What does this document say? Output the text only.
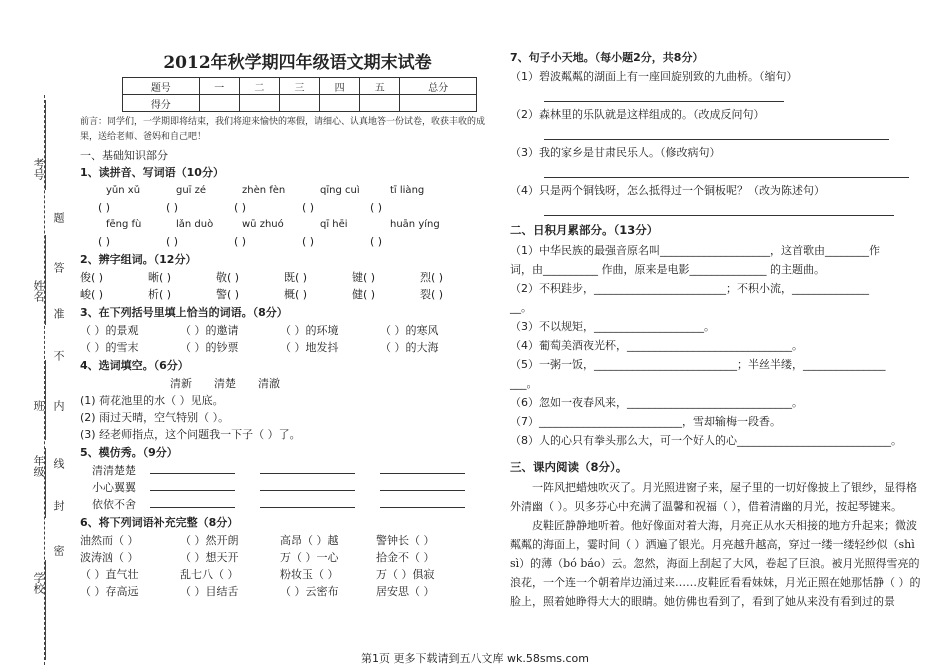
考号
题
姓名
答
准
不
班 内
年级 线
封
密
学校
2012年秋学期四年级语文期末试卷
题号	一	二	三	四	五	总分
得分						
前言：同学们，一学期即将结束，我们将迎来愉快的寒假，请细心、认真地答一份试卷，收获丰收的成果，送给老师、爸妈和自己吧！
一、基础知识部分
1、读拼音、写词语（10分）
yǔn xǔ	guī zé	zhèn fèn	qīng cuì	tī liàng
( )	( )	( )	( )	( )
fēng fù	lǎn duò	wū zhuó	qī hēi	huān yíng
( )	( )	( )	( )	( )
2、辨字组词。（12分）
俊( )	晰( )	敬( )	既( )	键( )	烈( )
峻( )	析( )	警( )	概( )	健( )	裂( )
3、在下列括号里填上恰当的词语。（8分）
（ ）的景观	（ ）的邀请	（ ）的环境	（ ）的寒风
（ ）的雪末	（ ）的钞票	（ ）地发抖	（ ）的大海
4、选词填空。（6分）
清新　　清楚　　清澈
(1) 荷花池里的水（ ）见底。
(2) 雨过天晴，空气特别（ ）。
(3) 经老师指点，这个问题我一下子（ ）了。
5、模仿秀。（9分）
清清楚楚
小心翼翼
依依不舍
6、将下列词语补充完整（8分）
油然而（ ）	（ ）然开朗	高昂（ ）越	警钟长（ ）
波涛汹（ ）	（ ）想天开	万（ ）一心	拾金不（ ）
（ ）直气壮	乱七八（ ）	粉妆玉（ ）	万（ ）俱寂
（ ）存高远	（ ）目结舌	（ ）云密布	居安思（ ）
7、句子小天地。（每小题2分，共8分）
（1）碧波粼粼的湖面上有一座回旋别致的九曲桥。（缩句）
（2）森林里的乐队就是这样组成的。（改成反问句）
（3）我的家乡是甘肃民乐人。（修改病句）
（4）只是两个铜钱呀，怎么抵得过一个铜板呢？（改为陈述句）
二、日积月累部分。（13分）
（1）中华民族的最强音原名叫____________________，这首歌由________作
词，由__________ 作曲，原来是电影______________ 的主题曲。
（2）不积跬步，________________________；不积小流，______________
__。
（3）不以规矩，____________________。
（4）葡萄美酒夜光杯，______________________________。
（5）一粥一饭，__________________________；半丝半缕，_______________
___。
（6）忽如一夜春风来，______________________________。
（7）__________________________，雪却输梅一段香。
（8）人的心只有拳头那么大，可一个好人的心____________________________。
三、课内阅读（8分）。
一阵风把蜡烛吹灭了。月光照进窗子来，屋子里的一切好像披上了银纱，显得格外清幽（ ）。贝多芬心中充满了温馨和祝福（ ），借着清幽的月光，按起琴键来。
皮鞋匠静静地听着。他好像面对着大海，月亮正从水天相接的地方升起来；微波粼粼的海面上，霎时间（ ）洒遍了银光。月亮越升越高，穿过一缕一缕轻纱似（shì sì）的薄（bó báo）云。忽然，海面上刮起了大风，卷起了巨浪。被月光照得雪亮的浪花，一个连一个朝着岸边涌过来……皮鞋匠看看妹妹，月光正照在她那恬静（ ）的脸上，照着她睁得大大的眼睛。她仿佛也看到了，看到了她从来没有看到过的景
第1页 更多下载请到五八文库 wk.58sms.com
